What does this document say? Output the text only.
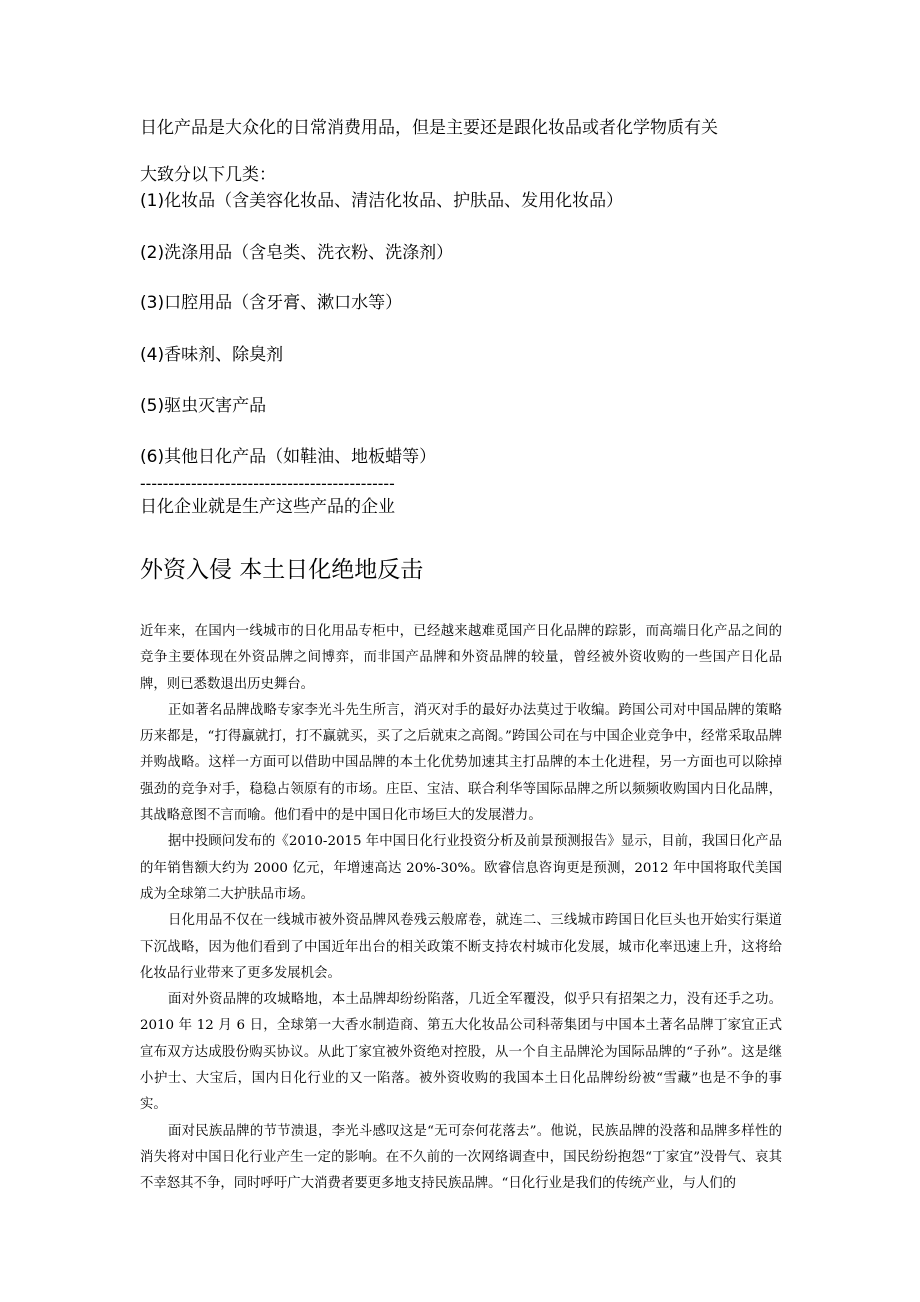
日化产品是大众化的日常消费用品，但是主要还是跟化妆品或者化学物质有关
大致分以下几类：
(1)化妆品（含美容化妆品、清洁化妆品、护肤品、发用化妆品）
(2)洗涤用品（含皂类、洗衣粉、洗涤剂）
(3)口腔用品（含牙膏、漱口水等）
(4)香味剂、除臭剂
(5)驱虫灭害产品
(6)其他日化产品（如鞋油、地板蜡等）
---------------------------------------------
日化企业就是生产这些产品的企业
外资入侵 本土日化绝地反击

近年来，在国内一线城市的日化用品专柜中，已经越来越难觅国产日化品牌的踪影，而高端日化产品之间的竞争主要体现在外资品牌之间博弈，而非国产品牌和外资品牌的较量，曾经被外资收购的一些国产日化品牌，则已悉数退出历史舞台。

正如著名品牌战略专家李光斗先生所言，消灭对手的最好办法莫过于收编。跨国公司对中国品牌的策略历来都是，“打得赢就打，打不赢就买，买了之后就束之高阁。”跨国公司在与中国企业竞争中，经常采取品牌并购战略。这样一方面可以借助中国品牌的本土化优势加速其主打品牌的本土化进程，另一方面也可以除掉强劲的竞争对手，稳稳占领原有的市场。庄臣、宝洁、联合利华等国际品牌之所以频频收购国内日化品牌，其战略意图不言而喻。他们看中的是中国日化市场巨大的发展潜力。

据中投顾问发布的《2010-2015 年中国日化行业投资分析及前景预测报告》显示，目前，我国日化产品的年销售额大约为 2000 亿元，年增速高达 20%-30%。欧睿信息咨询更是预测，2012 年中国将取代美国成为全球第二大护肤品市场。

日化用品不仅在一线城市被外资品牌风卷残云般席卷，就连二、三线城市跨国日化巨头也开始实行渠道下沉战略，因为他们看到了中国近年出台的相关政策不断支持农村城市化发展，城市化率迅速上升，这将给化妆品行业带来了更多发展机会。

面对外资品牌的攻城略地，本土品牌却纷纷陷落，几近全军覆没，似乎只有招架之力，没有还手之功。2010 年 12 月 6 日，全球第一大香水制造商、第五大化妆品公司科蒂集团与中国本土著名品牌丁家宜正式宣布双方达成股份购买协议。从此丁家宜被外资绝对控股，从一个自主品牌沦为国际品牌的“子孙”。这是继小护士、大宝后，国内日化行业的又一陷落。被外资收购的我国本土日化品牌纷纷被“雪藏”也是不争的事实。

面对民族品牌的节节溃退，李光斗感叹这是“无可奈何花落去”。他说，民族品牌的没落和品牌多样性的消失将对中国日化行业产生一定的影响。在不久前的一次网络调查中，国民纷纷抱怨“丁家宜”没骨气、哀其不幸怒其不争，同时呼吁广大消费者要更多地支持民族品牌。“日化行业是我们的传统产业，与人们的
